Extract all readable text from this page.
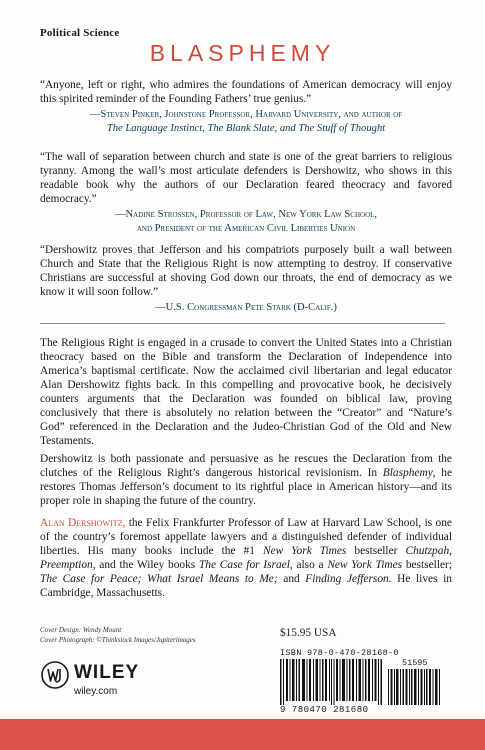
Political Science
BLASPHEMY

“Anyone, left or right, who admires the foundations of American democracy will enjoy this spirited reminder of the Founding Fathers’ true genius.”

—Steven Pinker, Johnstone Professor, Harvard University, and author of
The Language Instinct, The Blank Slate, and The Stuff of Thought

“The wall of separation between church and state is one of the great barriers to religious tyranny. Among the wall’s most articulate defenders is Dershowitz, who shows in this readable book why the authors of our Declaration feared theocracy and favored democracy.”

—Nadine Strossen, Professor of Law, New York Law School,
and President of the American Civil Liberties Union

“Dershowitz proves that Jefferson and his compatriots purposely built a wall between Church and State that the Religious Right is now attempting to destroy. If conservative Christians are successful at shoving God down our throats, the end of democracy as we know it will soon follow.”

—U.S. Congressman Pete Stark (D-Calif.)

The Religious Right is engaged in a crusade to convert the United States into a Christian theocracy based on the Bible and transform the Declaration of Independence into America’s baptismal certificate. Now the acclaimed civil libertarian and legal educator Alan Dershowitz fights back. In this compelling and provocative book, he decisively counters arguments that the Declaration was founded on biblical law, proving conclusively that there is absolutely no relation between the “Creator” and “Nature’s God” referenced in the Declaration and the Judeo-Christian God of the Old and New Testaments.

Dershowitz is both passionate and persuasive as he rescues the Declaration from the clutches of the Religious Right’s dangerous historical revisionism. In Blasphemy, he restores Thomas Jefferson’s document to its rightful place in American history—and its proper role in shaping the future of the country.

Alan Dershowitz, the Felix Frankfurter Professor of Law at Harvard Law School, is one of the country’s foremost appellate lawyers and a distinguished defender of individual liberties. His many books include the #1 New York Times bestseller Chutzpah, Preemption, and the Wiley books The Case for Israel, also a New York Times bestseller; The Case for Peace; What Israel Means to Me; and Finding Jefferson. He lives in Cambridge, Massachusetts.

Cover Design: Wendy Mount
Cover Photograph: ©Thinkstock Images/Jupiterimages
WILEY
wiley.com
$15.95 USA
ISBN 978-0-470-28168-0
51595
9 780470 281680
